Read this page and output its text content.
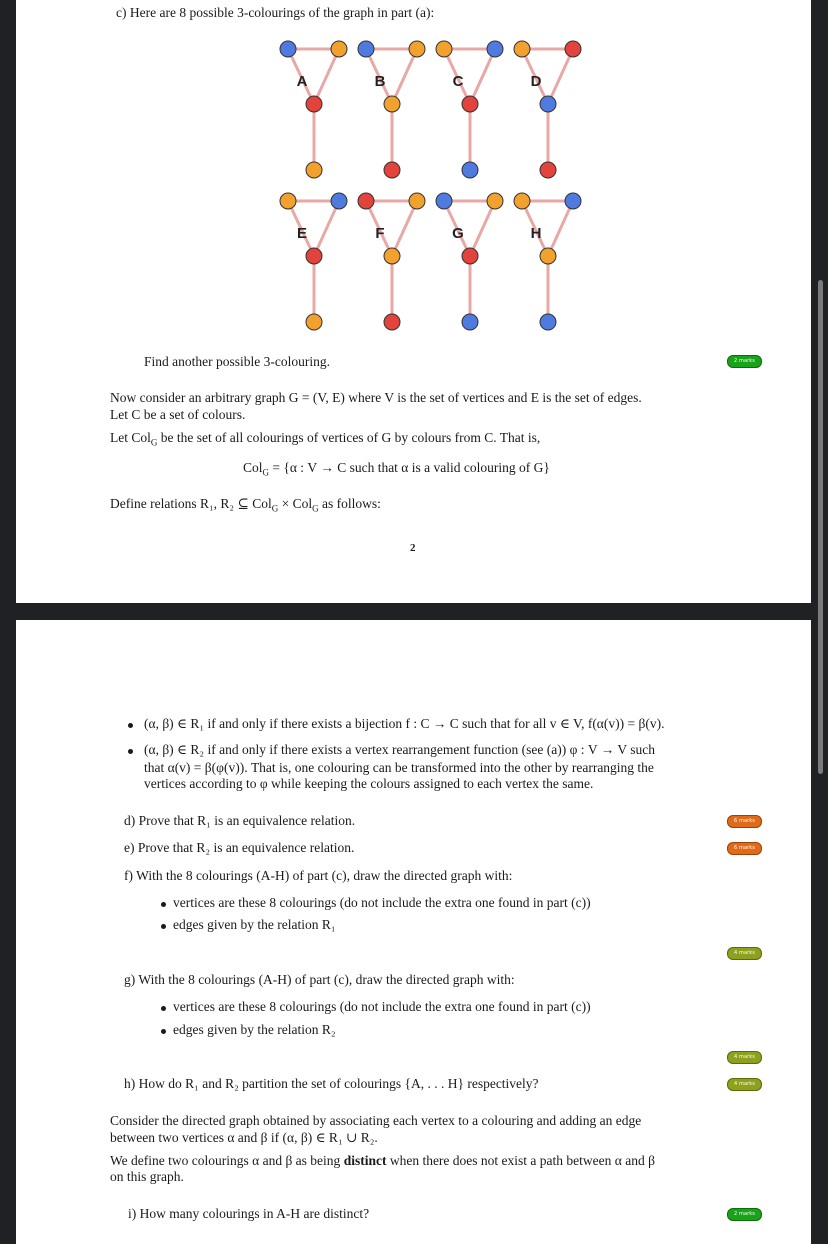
c) Here are 8 possible 3-colourings of the graph in part (a):
A	B	C	D
E	F	G	H
Find another possible 3-colouring.	2 marks
Now consider an arbitrary graph G = (V, E) where V is the set of vertices and E is the set of edges.
Let C be a set of colours.
Let Col$_G$ be the set of all colourings of vertices of G by colours from C. That is,
Col$_G$ = {α : V → C such that α is a valid colouring of G}
Define relations R₁, R₂ ⊆ Col$_G$ × Col$_G$ as follows:
2
(α, β) ∈ R₁ if and only if there exists a bijection f : C → C such that for all v ∈ V, f(α(v)) = β(v).
(α, β) ∈ R₂ if and only if there exists a vertex rearrangement function (see (a)) φ : V → V such
that α(v) = β(φ(v)). That is, one colouring can be transformed into the other by rearranging the
vertices according to φ while keeping the colours assigned to each vertex the same.
d) Prove that R₁ is an equivalence relation.	6 marks
e) Prove that R₂ is an equivalence relation.	6 marks
f) With the 8 colourings (A-H) of part (c), draw the directed graph with:
vertices are these 8 colourings (do not include the extra one found in part (c))
edges given by the relation R₁
4 marks
g) With the 8 colourings (A-H) of part (c), draw the directed graph with:
vertices are these 8 colourings (do not include the extra one found in part (c))
edges given by the relation R₂
4 marks
h) How do R₁ and R₂ partition the set of colourings {A, . . . H} respectively?	4 marks
Consider the directed graph obtained by associating each vertex to a colouring and adding an edge
between two vertices α and β if (α, β) ∈ R₁ ∪ R₂.
We define two colourings α and β as being distinct when there does not exist a path between α and β
on this graph.
i) How many colourings in A-H are distinct?	2 marks
